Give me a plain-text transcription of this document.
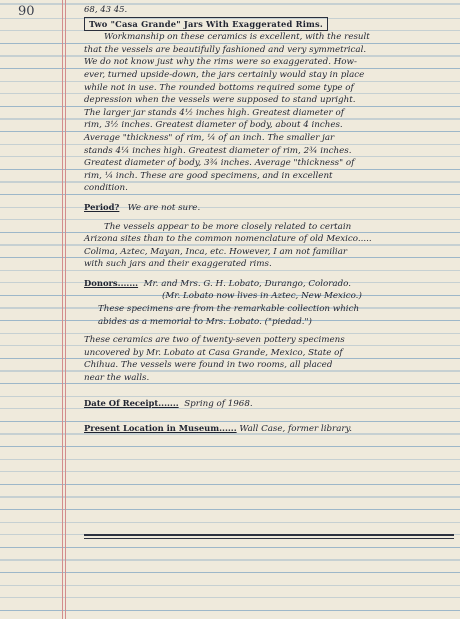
90	68, 43 45.
Two "Casa Grande" Jars With Exaggerated Rims.
Workmanship on these ceramics is excellent, with the result
that the vessels are beautifully fashioned and very symmetrical.
We do not know just why the rims were so exaggerated. How-
ever, turned upside-down, the jars certainly would stay in place
while not in use. The rounded bottoms required some type of
depression when the vessels were supposed to stand upright.
The larger jar stands 4½ inches high. Greatest diameter of
rim, 3½ inches. Greatest diameter of body, about 4 inches.
Average "thickness" of rim, ¼ of an inch. The smaller jar
stands 4¼ inches high. Greatest diameter of rim, 2¾ inches.
Greatest diameter of body, 3¾ inches. Average "thickness" of
rim, ¼ inch. These are good specimens, and in excellent
condition.
Period? We are not sure.
The vessels appear to be more closely related to certain
Arizona sites than to the common nomenclature of old Mexico.....
Colima, Aztec, Mayan, Inca, etc. However, I am not familiar
with such jars and their exaggerated rims.
Donors....... Mr. and Mrs. G. H. Lobato, Durango, Colorado.
(Mr. Lobato now lives in Aztec, New Mexico.)
These specimens are from the remarkable collection which
abides as a memorial to Mrs. Lobato. ("piedad.")
These ceramics are two of twenty-seven pottery specimens
uncovered by Mr. Lobato at Casa Grande, Mexico, State of
Chihua. The vessels were found in two rooms, all placed
near the walls.
Date Of Receipt....... Spring of 1968.
Present Location in Museum...... Wall Case, former library.
